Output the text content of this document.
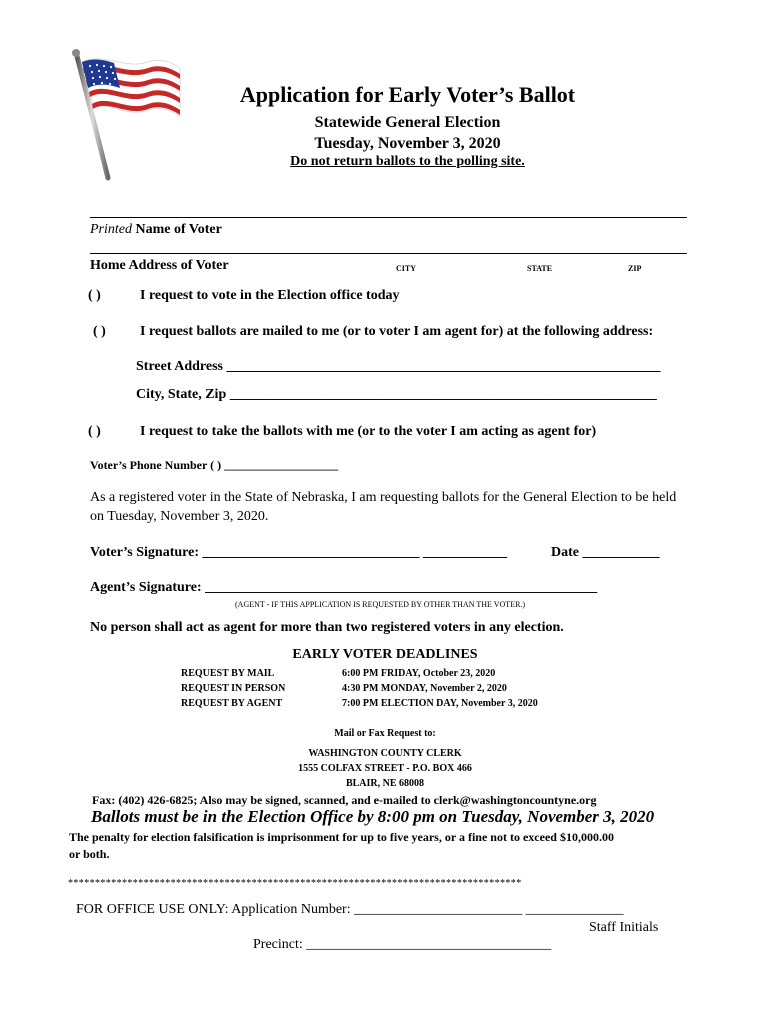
Application for Early Voter’s Ballot
Statewide General Election
Tuesday, November 3, 2020
Do not return ballots to the polling site.
Printed Name of Voter
Home Address of Voter	CITY	STATE	ZIP
( )	I request to vote in the Election office today
( ) I request ballots are mailed to me (or to voter I am agent for) at the following address:
Street Address ______________________________________________________________
City, State, Zip _____________________________________________________________
( )	I request to take the ballots with me (or to the voter I am acting as agent for)
Voter’s Phone Number ( ) ___________________
As a registered voter in the State of Nebraska, I am requesting ballots for the General Election to be held
on Tuesday, November 3, 2020.
Voter’s Signature: _______________________________ ____________	Date ___________
Agent’s Signature: ________________________________________________________
(AGENT - IF THIS APPLICATION IS REQUESTED BY OTHER THAN THE VOTER.)
No person shall act as agent for more than two registered voters in any election.
EARLY VOTER DEADLINES
REQUEST BY MAIL	6:00 PM FRIDAY, October 23, 2020
REQUEST IN PERSON	4:30 PM MONDAY, November 2, 2020
REQUEST BY AGENT	7:00 PM ELECTION DAY, November 3, 2020
Mail or Fax Request to:
WASHINGTON COUNTY CLERK
1555 COLFAX STREET - P.O. BOX 466
BLAIR, NE 68008
Fax: (402) 426-6825; Also may be signed, scanned, and e-mailed to clerk@washingtoncountyne.org
Ballots must be in the Election Office by 8:00 pm on Tuesday, November 3, 2020
The penalty for election falsification is imprisonment for up to five years, or a fine not to exceed $10,000.00
or both.
************************************************************************************
FOR OFFICE USE ONLY: Application Number: ________________________ ______________
Staff Initials
Precinct: ___________________________________
